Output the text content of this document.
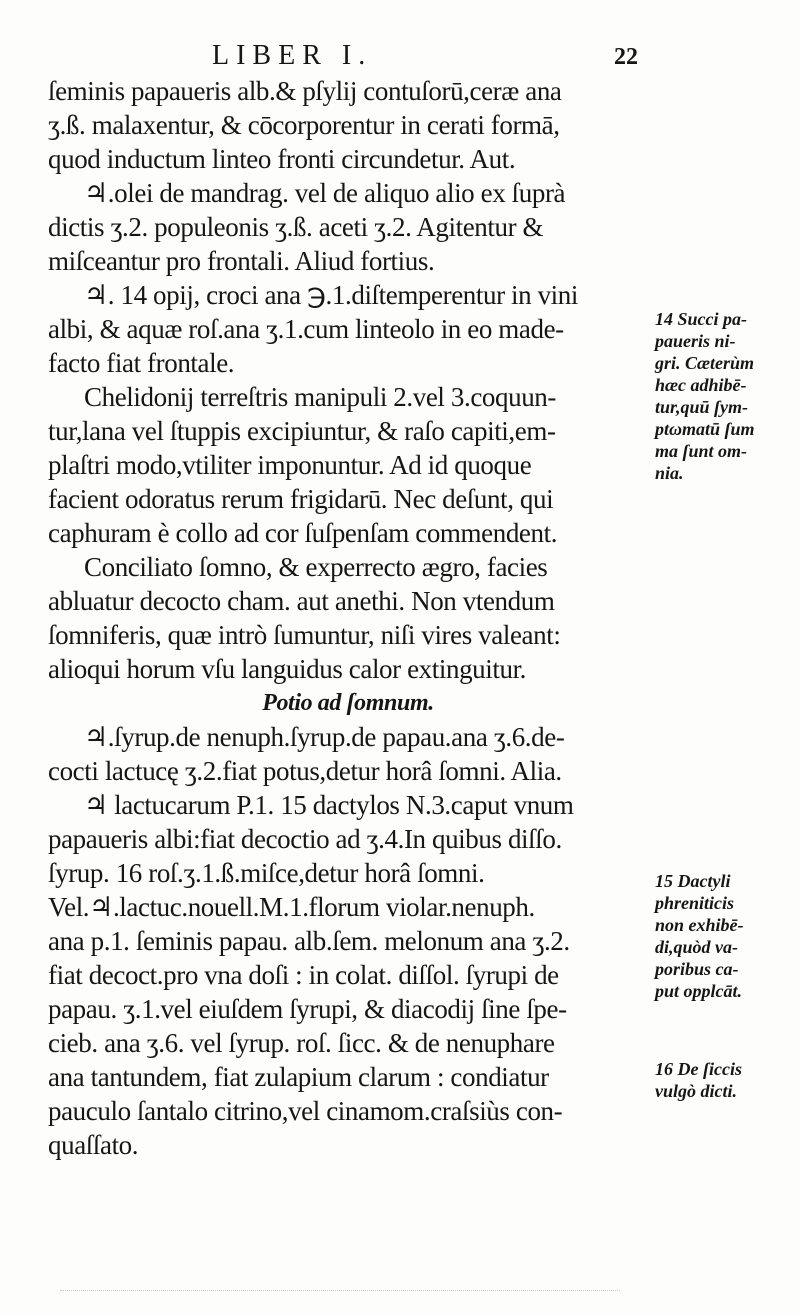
LIBER I.	22
ſeminis papaueris alb.& pſylij contuſorū,ceræ ana
ʒ.ß. malaxentur, & cōcorporentur in cerati formā,
quod inductum linteo fronti circundetur. Aut.
♃.olei de mandrag. vel de aliquo alio ex ſuprà
dictis ʒ.2. populeonis ʒ.ß. aceti ʒ.2. Agitentur &
miſceantur pro frontali. Aliud fortius.
♃. 14 opij, croci ana ℈.1.diſtemperentur in vini
albi, & aquæ roſ.ana ʒ.1.cum linteolo in eo made-
facto fiat frontale.
Chelidonij terreſtris manipuli 2.vel 3.coquun-
tur,lana vel ſtuppis excipiuntur, & raſo capiti,em-
plaſtri modo,vtiliter imponuntur. Ad id quoque
facient odoratus rerum frigidarū. Nec deſunt, qui
caphuram è collo ad cor ſuſpenſam commendent.
Conciliato ſomno, & experrecto ægro, facies
abluatur decocto cham. aut anethi. Non vtendum
ſomniferis, quæ intrò ſumuntur, niſi vires valeant:
alioqui horum vſu languidus calor extinguitur.
Potio ad ſomnum.
♃.ſyrup.de nenuph.ſyrup.de papau.ana ʒ.6.de-
cocti lactucę ʒ.2.fiat potus,detur horâ ſomni. Alia.
♃ lactucarum P.1. 15 dactylos N.3.caput vnum
papaueris albi:fiat decoctio ad ʒ.4.In quibus diſſo.
ſyrup. 16 roſ.ʒ.1.ß.miſce,detur horâ ſomni.
Vel.♃.lactuc.nouell.M.1.florum violar.nenuph.
ana p.1. ſeminis papau. alb.ſem. melonum ana ʒ.2.
fiat decoct.pro vna doſi : in colat. diſſol. ſyrupi de
papau. ʒ.1.vel eiuſdem ſyrupi, & diacodij ſine ſpe-
cieb. ana ʒ.6. vel ſyrup. roſ. ſicc. & de nenuphare
ana tantundem, fiat zulapium clarum : condiatur
pauculo ſantalo citrino,vel cinamom.craſsiùs con-
quaſſato.
14 Succi pa-
paueris ni-
gri. Cæterùm
hæc adhibē-
tur,quū ſym-
ptωmatū ſum
ma ſunt om-
nia.
15 Dactyli
phreniticis
non exhibē-
di,quòd va-
poribus ca-
put opplcāt.
16 De ſiccis
vulgò dicti.
